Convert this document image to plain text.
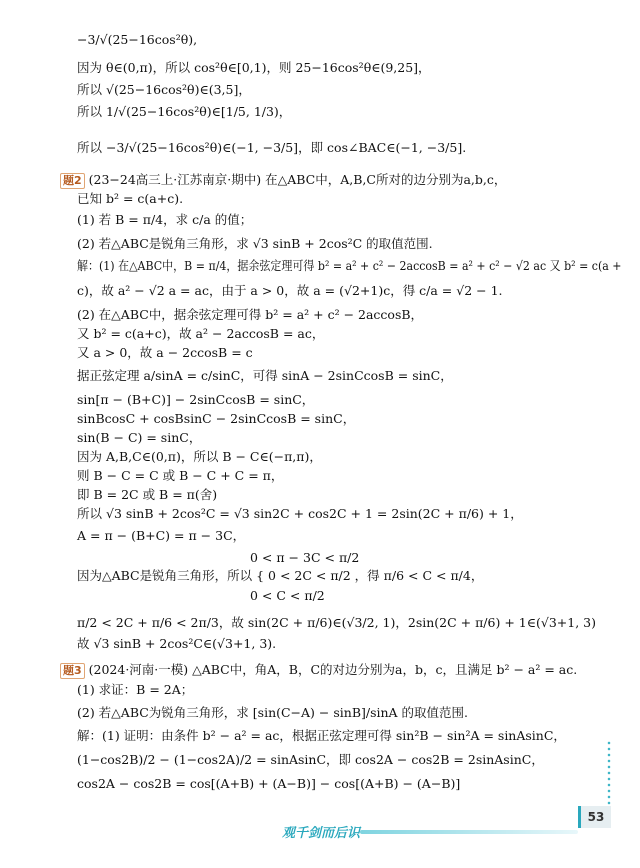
−3/√(25−16cos²θ),
因为 θ∈(0,π)，所以 cos²θ∈[0,1)，则 25−16cos²θ∈(9,25]，
所以 √(25−16cos²θ)∈(3,5]，
所以 1/√(25−16cos²θ)∈[1/5, 1/3)，
所以 −3/√(25−16cos²θ)∈(−1, −3/5]，即 cos∠BAC∈(−1, −3/5].
题2 (23−24高三上·江苏南京·期中) 在△ABC中，A,B,C所对的边分别为a,b,c，
已知 b² = c(a+c).
(1) 若 B = π/4，求 c/a 的值；
(2) 若△ABC是锐角三角形，求 √3 sinB + 2cos²C 的取值范围.
解：(1) 在△ABC中，B = π/4，据余弦定理可得 b² = a² + c² − 2accosB = a² + c² − √2 ac 又 b² = c(a +
c)，故 a² − √2 a = ac，由于 a > 0，故 a = (√2+1)c，得 c/a = √2 − 1.
(2) 在△ABC中，据余弦定理可得 b² = a² + c² − 2accosB，
又 b² = c(a+c)，故 a² − 2accosB = ac，
又 a > 0，故 a − 2ccosB = c
据正弦定理 a/sinA = c/sinC，可得 sinA − 2sinCcosB = sinC，
sin[π − (B+C)] − 2sinCcosB = sinC，
sinBcosC + cosBsinC − 2sinCcosB = sinC，
sin(B − C) = sinC，
因为 A,B,C∈(0,π)，所以 B − C∈(−π,π)，
则 B − C = C 或 B − C + C = π，
即 B = 2C 或 B = π(舍)
所以 √3 sinB + 2cos²C = √3 sin2C + cos2C + 1 = 2sin(2C + π/6) + 1，
A = π − (B+C) = π − 3C，
0 < π − 3C < π/2
因为△ABC是锐角三角形，所以 { 0 < 2C < π/2 ，得 π/6 < C < π/4，
0 < C < π/2
π/2 < 2C + π/6 < 2π/3，故 sin(2C + π/6)∈(√3/2, 1)，2sin(2C + π/6) + 1∈(√3+1, 3)
故 √3 sinB + 2cos²C∈(√3+1, 3).
题3 (2024·河南·一模) △ABC中，角A，B，C的对边分别为a，b，c，且满足 b² − a² = ac.
(1) 求证：B = 2A；
(2) 若△ABC为锐角三角形，求 [sin(C−A) − sinB]/sinA 的取值范围.
解：(1) 证明：由条件 b² − a² = ac，根据正弦定理可得 sin²B − sin²A = sinAsinC，
(1−cos2B)/2 − (1−cos2A)/2 = sinAsinC，即 cos2A − cos2B = 2sinAsinC，
cos2A − cos2B = cos[(A+B) + (A−B)] − cos[(A+B) − (A−B)]
观千剑而后识
53
